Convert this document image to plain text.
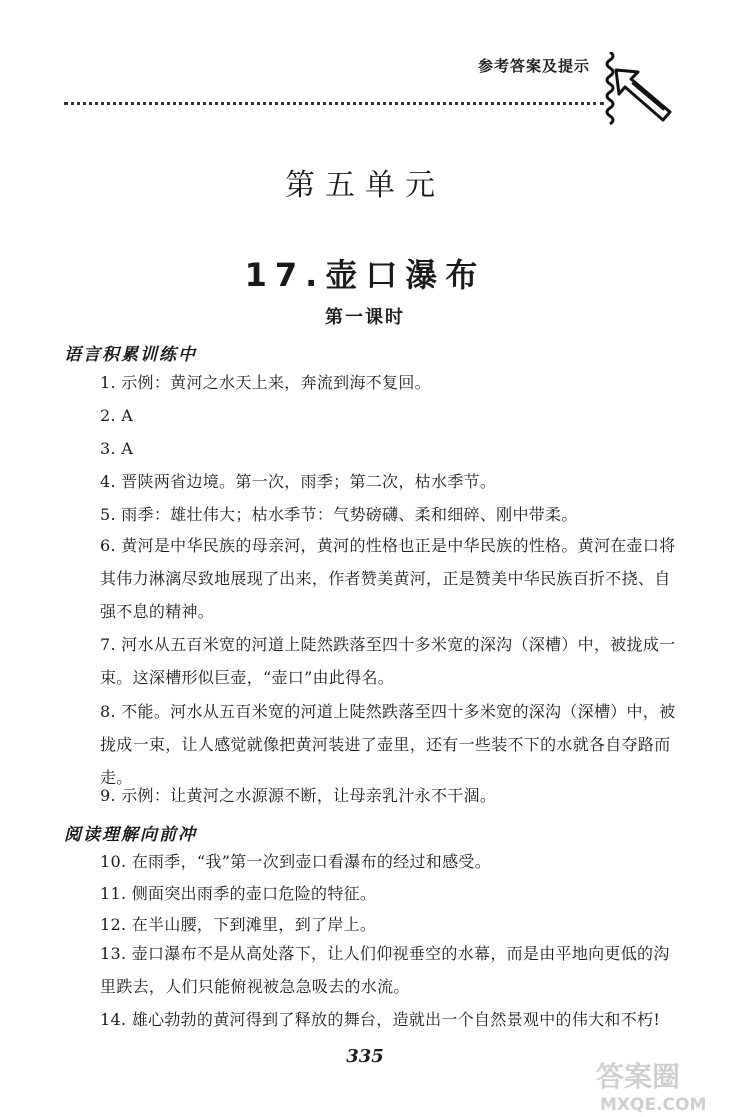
参考答案及提示
第五单元
17.壶口瀑布
第一课时
语言积累训练中
1. 示例：黄河之水天上来，奔流到海不复回。
2. A
3. A
4. 晋陕两省边境。第一次，雨季；第二次，枯水季节。
5. 雨季：雄壮伟大；枯水季节：气势磅礴、柔和细碎、刚中带柔。
6. 黄河是中华民族的母亲河，黄河的性格也正是中华民族的性格。黄河在壶口将其伟力淋漓尽致地展现了出来，作者赞美黄河，正是赞美中华民族百折不挠、自强不息的精神。
7. 河水从五百米宽的河道上陡然跌落至四十多米宽的深沟（深槽）中，被拢成一束。这深槽形似巨壶，“壶口”由此得名。
8. 不能。河水从五百米宽的河道上陡然跌落至四十多米宽的深沟（深槽）中，被拢成一束，让人感觉就像把黄河装进了壶里，还有一些装不下的水就各自夺路而走。
9. 示例：让黄河之水源源不断，让母亲乳汁永不干涸。
阅读理解向前冲
10. 在雨季，“我”第一次到壶口看瀑布的经过和感受。
11. 侧面突出雨季的壶口危险的特征。
12. 在半山腰，下到滩里，到了岸上。
13. 壶口瀑布不是从高处落下，让人们仰视垂空的水幕，而是由平地向更低的沟里跌去，人们只能俯视被急急吸去的水流。
14. 雄心勃勃的黄河得到了释放的舞台，造就出一个自然景观中的伟大和不朽!
335
答案圈
MXQE.COM
